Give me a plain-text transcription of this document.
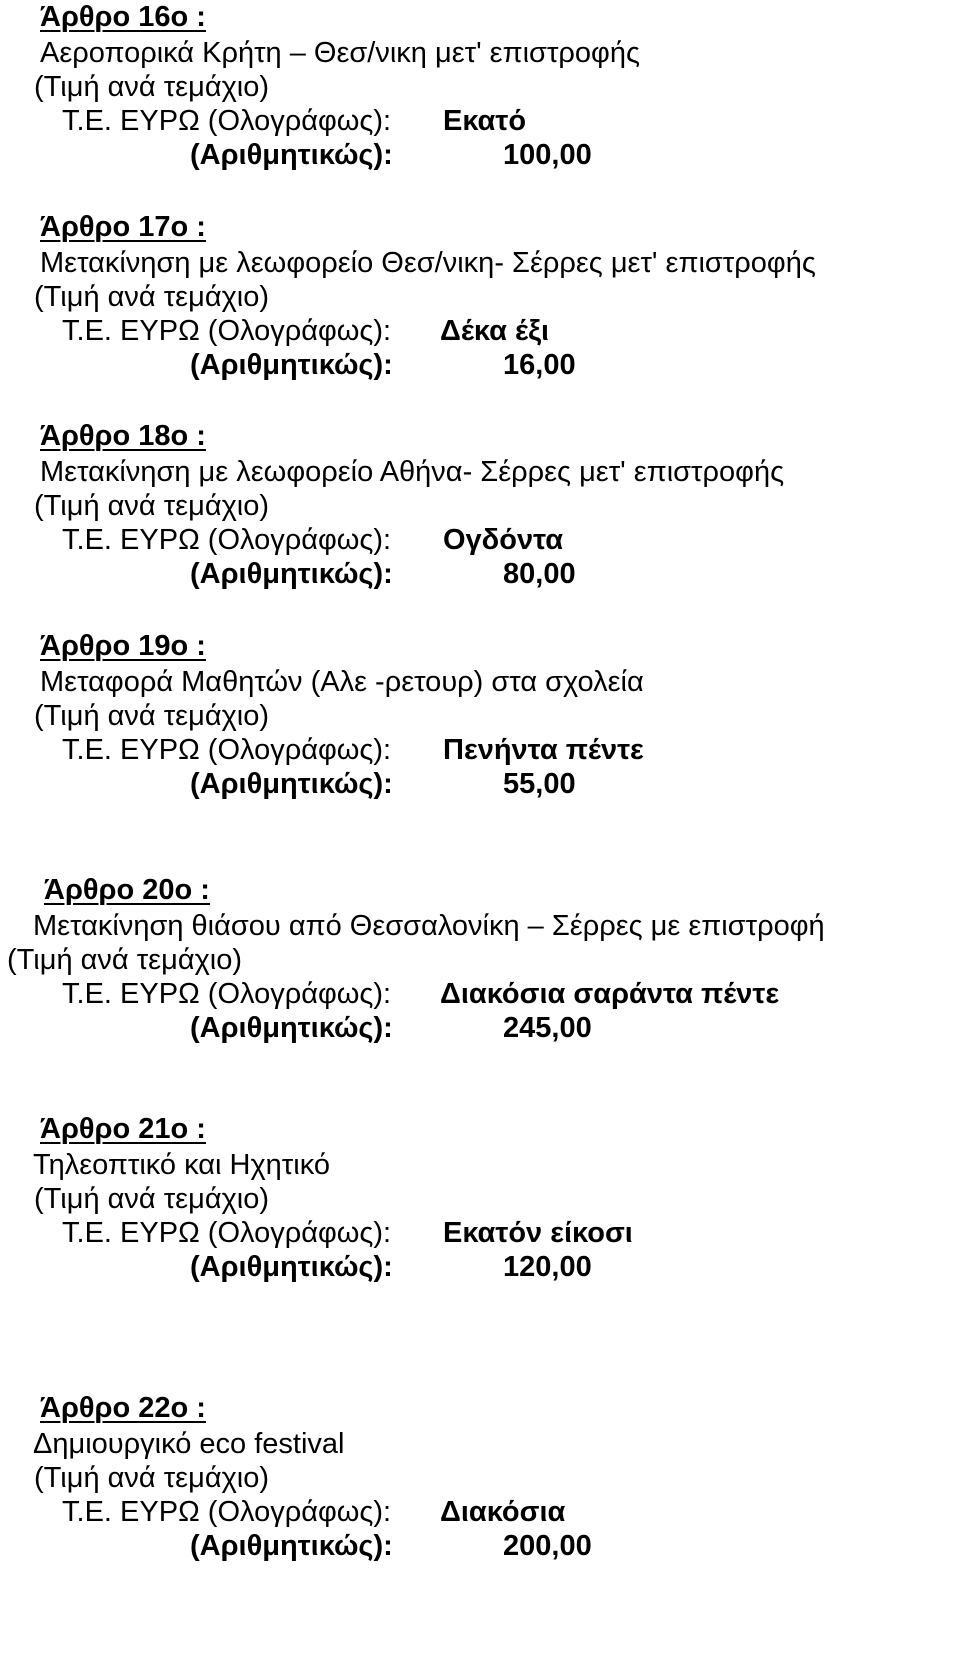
Άρθρο 16ο :
Αεροπορικά Κρήτη – Θεσ/νικη μετ' επιστροφής
(Τιμή ανά τεμάχιο)
Τ.Ε. ΕΥΡΩ (Ολογράφως): Εκατό
(Αριθμητικώς):	100,00
Άρθρο 17ο :
Μετακίνηση με λεωφορείο Θεσ/νικη- Σέρρες μετ' επιστροφής
(Τιμή ανά τεμάχιο)
Τ.Ε. ΕΥΡΩ (Ολογράφως): Δέκα έξι
(Αριθμητικώς):	16,00
Άρθρο 18ο :
Μετακίνηση με λεωφορείο Αθήνα- Σέρρες μετ' επιστροφής
(Τιμή ανά τεμάχιο)
Τ.Ε. ΕΥΡΩ (Ολογράφως): Ογδόντα
(Αριθμητικώς):	80,00
Άρθρο 19ο :
Μεταφορά Μαθητών (Αλε -ρετουρ) στα σχολεία
(Τιμή ανά τεμάχιο)
Τ.Ε. ΕΥΡΩ (Ολογράφως): Πενήντα πέντε
(Αριθμητικώς):	55,00
Άρθρο 20ο :
Μετακίνηση θιάσου από Θεσσαλονίκη – Σέρρες με επιστροφή
(Τιμή ανά τεμάχιο)
Τ.Ε. ΕΥΡΩ (Ολογράφως): Διακόσια σαράντα πέντε
(Αριθμητικώς):	245,00
Άρθρο 21ο :
Τηλεοπτικό και Ηχητικό
(Τιμή ανά τεμάχιο)
Τ.Ε. ΕΥΡΩ (Ολογράφως): Εκατόν είκοσι
(Αριθμητικώς):	120,00
Άρθρο 22ο :
Δημιουργικό eco festival
(Τιμή ανά τεμάχιο)
Τ.Ε. ΕΥΡΩ (Ολογράφως): Διακόσια
(Αριθμητικώς):	200,00
